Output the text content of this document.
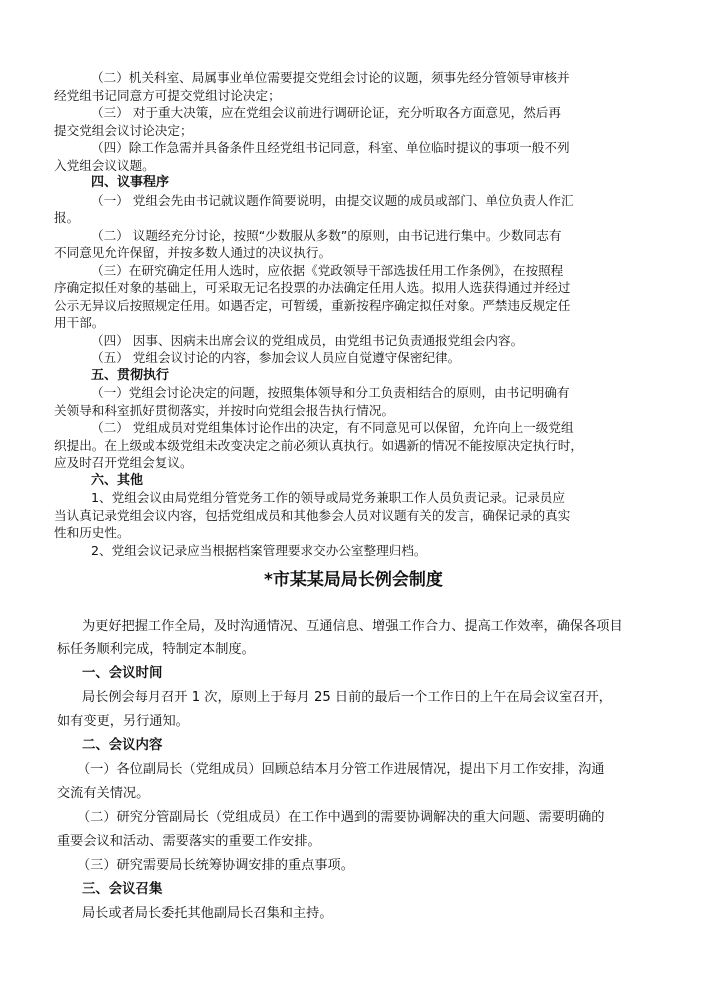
（二）机关科室、局属事业单位需要提交党组会讨论的议题，须事先经分管领导审核并
经党组书记同意方可提交党组讨论决定；
（三） 对于重大决策，应在党组会议前进行调研论证，充分听取各方面意见，然后再
提交党组会议讨论决定；
（四）除工作急需并具备条件且经党组书记同意，科室、单位临时提议的事项一般不列
入党组会议议题。
四、议事程序
（一） 党组会先由书记就议题作简要说明，由提交议题的成员或部门、单位负责人作汇
报。
（二） 议题经充分讨论，按照“少数服从多数”的原则，由书记进行集中。少数同志有
不同意见允许保留，并按多数人通过的决议执行。
（三）在研究确定任用人选时，应依据《党政领导干部选拔任用工作条例》，在按照程
序确定拟任对象的基础上，可采取无记名投票的办法确定任用人选。拟用人选获得通过并经过
公示无异议后按照规定任用。如遇否定，可暂缓，重新按程序确定拟任对象。严禁违反规定任
用干部。
（四） 因事、因病未出席会议的党组成员，由党组书记负责通报党组会内容。
（五） 党组会议讨论的内容，参加会议人员应自觉遵守保密纪律。
五、贯彻执行
（一）党组会讨论决定的问题，按照集体领导和分工负责相结合的原则，由书记明确有
关领导和科室抓好贯彻落实，并按时向党组会报告执行情况。
（二） 党组成员对党组集体讨论作出的决定，有不同意见可以保留，允许向上一级党组
织提出。在上级或本级党组未改变决定之前必须认真执行。如遇新的情况不能按原决定执行时，
应及时召开党组会复议。
六、其他
1、党组会议由局党组分管党务工作的领导或局党务兼职工作人员负责记录。记录员应
当认真记录党组会议内容，包括党组成员和其他参会人员对议题有关的发言，确保记录的真实
性和历史性。
2、党组会议记录应当根据档案管理要求交办公室整理归档。
*市某某局局长例会制度
为更好把握工作全局，及时沟通情况、互通信息、增强工作合力、提高工作效率，确保各项目
标任务顺利完成，特制定本制度。
一、会议时间
局长例会每月召开 1 次，原则上于每月 25 日前的最后一个工作日的上午在局会议室召开，
如有变更，另行通知。
二、会议内容
（一）各位副局长（党组成员）回顾总结本月分管工作进展情况，提出下月工作安排，沟通
交流有关情况。
（二）研究分管副局长（党组成员）在工作中遇到的需要协调解决的重大问题、需要明确的
重要会议和活动、需要落实的重要工作安排。
（三）研究需要局长统筹协调安排的重点事项。
三、会议召集
局长或者局长委托其他副局长召集和主持。
